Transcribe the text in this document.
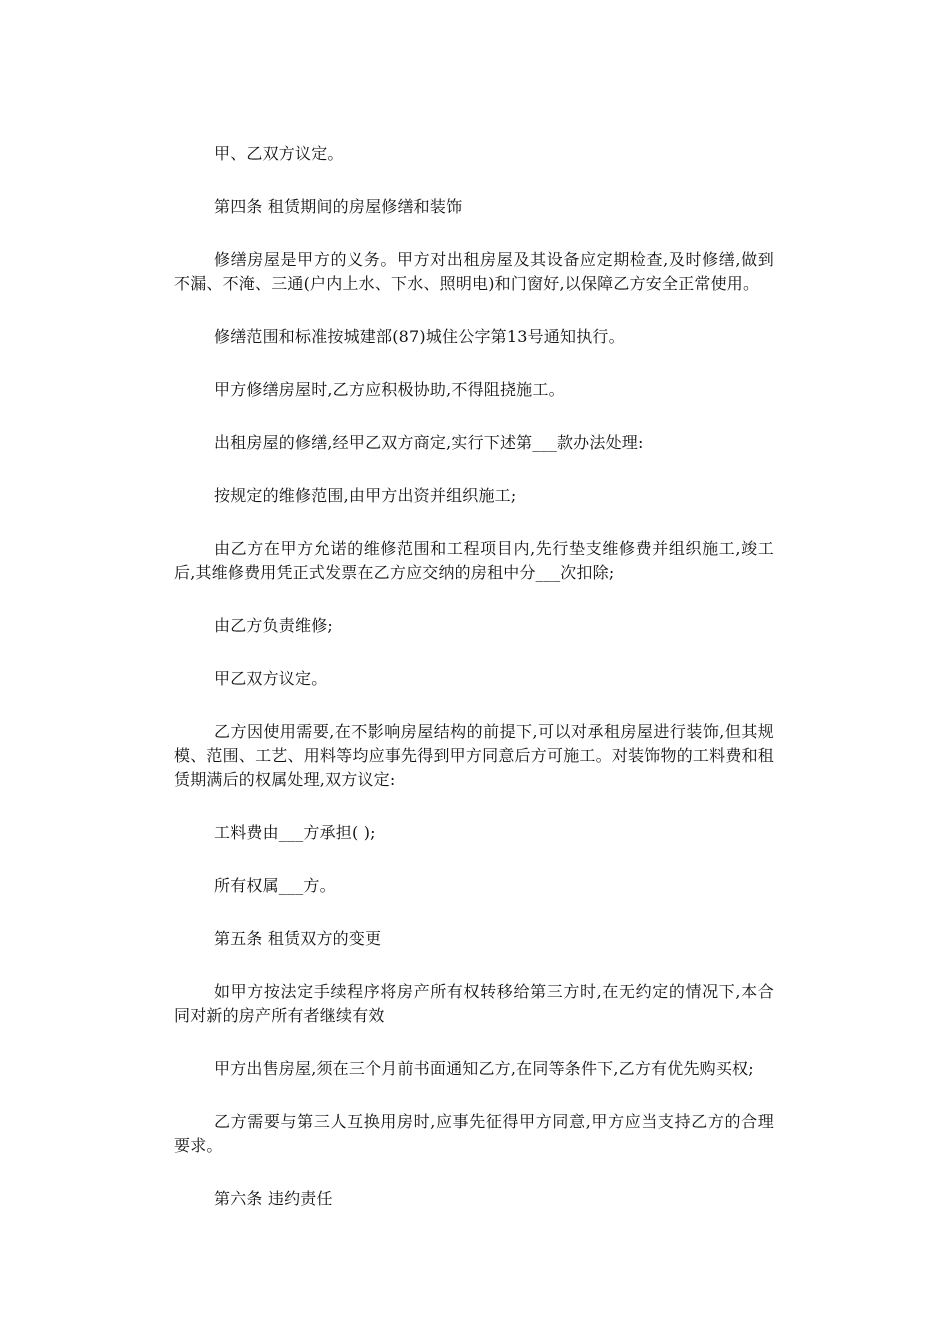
甲、乙双方议定。

第四条 租赁期间的房屋修缮和装饰

修缮房屋是甲方的义务。甲方对出租房屋及其设备应定期检查,及时修缮,做到不漏、不淹、三通(户内上水、下水、照明电)和门窗好,以保障乙方安全正常使用。

修缮范围和标准按城建部(87)城住公字第13号通知执行。

甲方修缮房屋时,乙方应积极协助,不得阻挠施工。

出租房屋的修缮,经甲乙双方商定,实行下述第___款办法处理:

按规定的维修范围,由甲方出资并组织施工;

由乙方在甲方允诺的维修范围和工程项目内,先行垫支维修费并组织施工,竣工后,其维修费用凭正式发票在乙方应交纳的房租中分___次扣除;

由乙方负责维修;

甲乙双方议定。

乙方因使用需要,在不影响房屋结构的前提下,可以对承租房屋进行装饰,但其规模、范围、工艺、用料等均应事先得到甲方同意后方可施工。对装饰物的工料费和租赁期满后的权属处理,双方议定:

工料费由___方承担( );

所有权属___方。

第五条 租赁双方的变更

如甲方按法定手续程序将房产所有权转移给第三方时,在无约定的情况下,本合同对新的房产所有者继续有效

甲方出售房屋,须在三个月前书面通知乙方,在同等条件下,乙方有优先购买权;

乙方需要与第三人互换用房时,应事先征得甲方同意,甲方应当支持乙方的合理要求。

第六条 违约责任
